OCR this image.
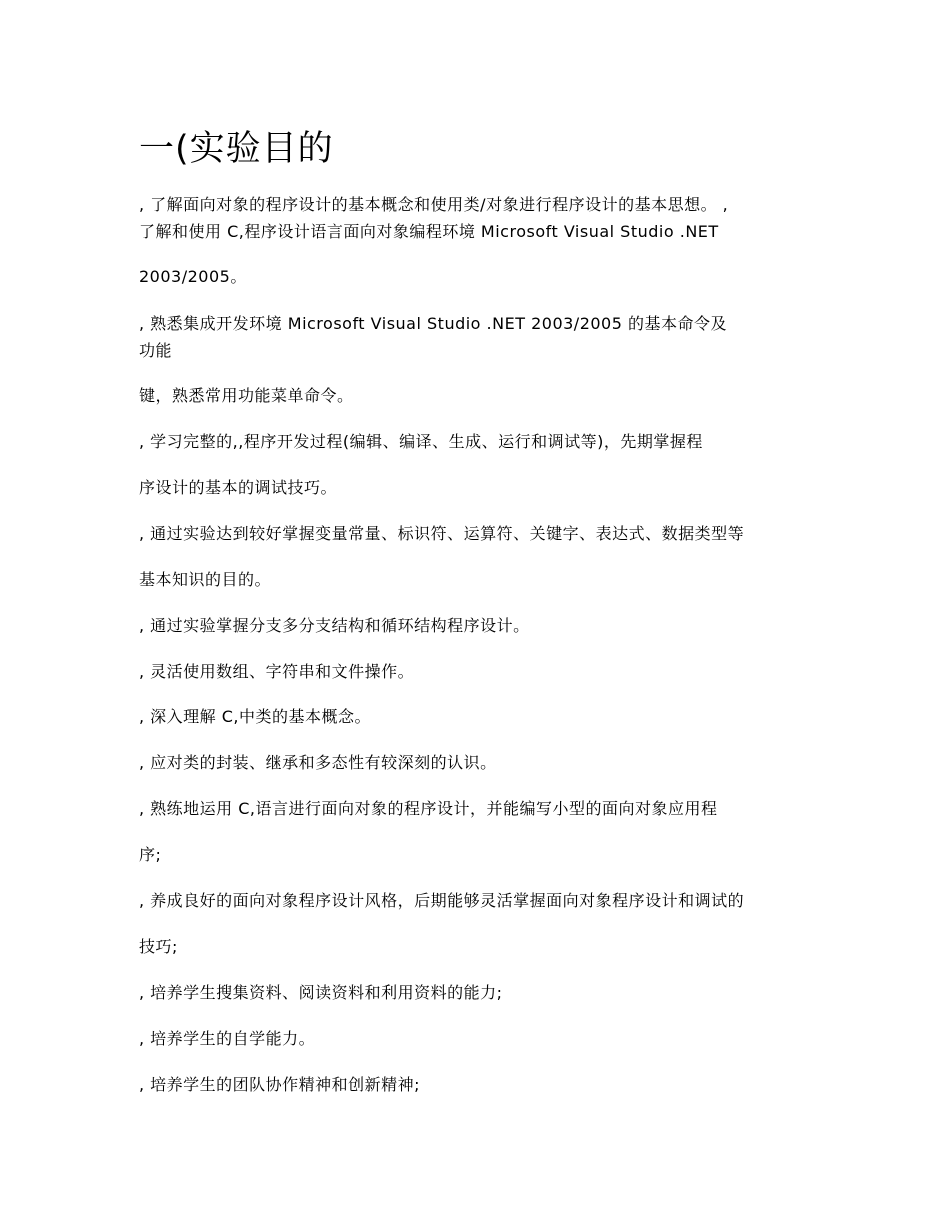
一(实验目的

, 了解面向对象的程序设计的基本概念和使用类/对象进行程序设计的基本思想。 ,

了解和使用 C,程序设计语言面向对象编程环境 Microsoft Visual Studio .NET

2003/2005。

, 熟悉集成开发环境 Microsoft Visual Studio .NET 2003/2005 的基本命令及

功能

键，熟悉常用功能菜单命令。

, 学习完整的,,程序开发过程(编辑、编译、生成、运行和调试等)，先期掌握程

序设计的基本的调试技巧。

, 通过实验达到较好掌握变量常量、标识符、运算符、关键字、表达式、数据类型等

基本知识的目的。

, 通过实验掌握分支多分支结构和循环结构程序设计。

, 灵活使用数组、字符串和文件操作。

, 深入理解 C,中类的基本概念。

, 应对类的封装、继承和多态性有较深刻的认识。

, 熟练地运用 C,语言进行面向对象的程序设计，并能编写小型的面向对象应用程

序;

, 养成良好的面向对象程序设计风格，后期能够灵活掌握面向对象程序设计和调试的

技巧;

, 培养学生搜集资料、阅读资料和利用资料的能力;

, 培养学生的自学能力。

, 培养学生的团队协作精神和创新精神;
